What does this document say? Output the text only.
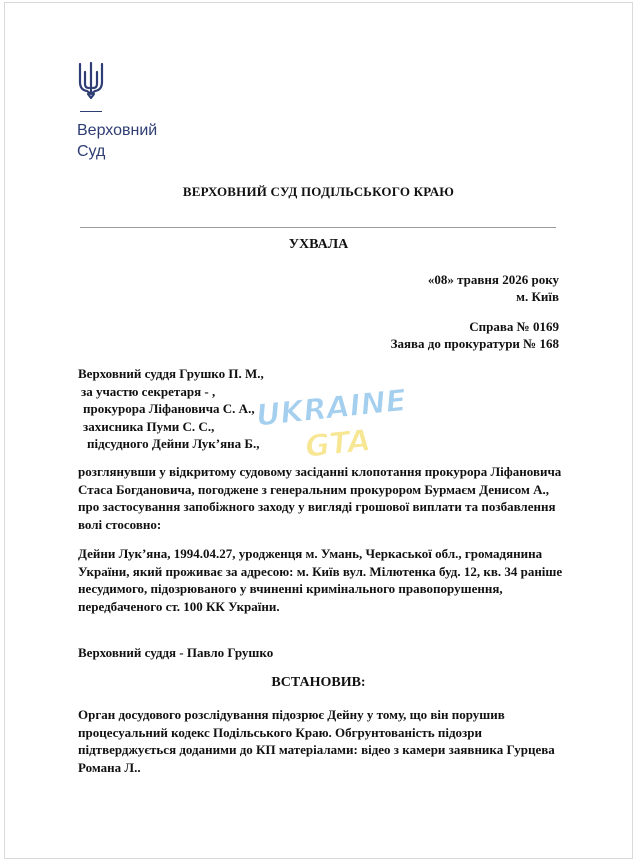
Верховний
Суд
ВЕРХОВНИЙ СУД ПОДІЛЬСЬКОГО КРАЮ
УХВАЛА
«08» травня 2026 року
м. Київ
Справа № 0169
Заява до прокуратури № 168
Верховний суддя Грушко П. М.,
за участю секретаря - ,
прокурора Ліфановича С. А.,
захисника Пуми С. С.,
підсудного Дейни Лук’яна Б.,
розглянувши у відкритому судовому засіданні клопотання прокурора Ліфановича Стаса Богдановича, погоджене з генеральним прокурором Бурмаєм Денисом А., про застосування запобіжного заходу у вигляді грошової виплати та позбавлення волі стосовно:
Дейни Лук’яна, 1994.04.27, уродженця м. Умань, Черкаської обл., громадянина України, який проживає за адресою: м. Київ вул. Мілютенка буд. 12, кв. 34 раніше несудимого, підозрюваного у вчиненні кримінального правопорушення, передбаченого ст. 100 КК України.
Верховний суддя - Павло Грушко
ВСТАНОВИВ:
Орган досудового розслідування підозрює Дейну у тому, що він порушив процесуальний кодекс Подільського Краю. Обгрунтованість підозри підтверджується доданими до КП матеріалами: відео з камери заявника Гурцева Романа Л..
UKRAINE
GTA
